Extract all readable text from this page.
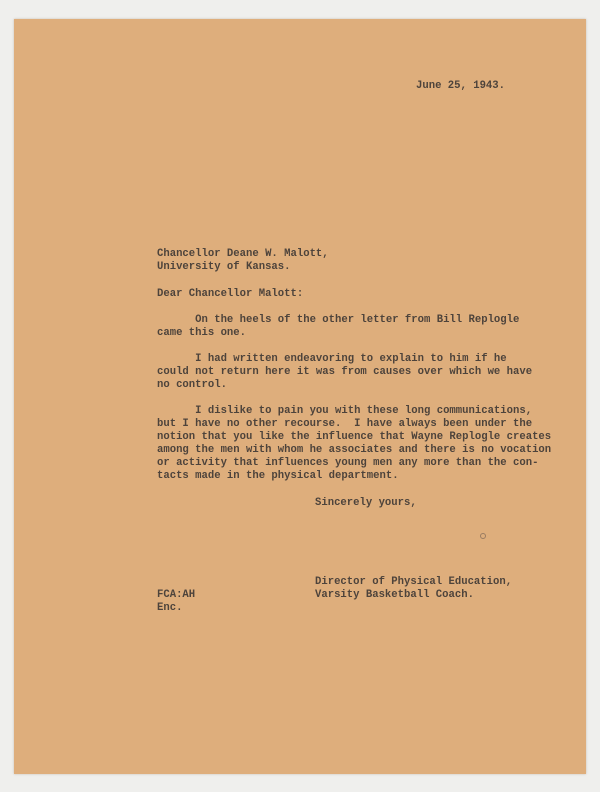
June 25, 1943.

Chancellor Deane W. Malott,

University of Kansas.

Dear Chancellor Malott:

On the heels of the other letter from Bill Replogle

came this one.

I had written endeavoring to explain to him if he

could not return here it was from causes over which we have

no control.

I dislike to pain you with these long communications,

but I have no other recourse.  I have always been under the

notion that you like the influence that Wayne Replogle creates

among the men with whom he associates and there is no vocation

or activity that influences young men any more than the con-

tacts made in the physical department.

Sincerely yours,

Director of Physical Education,

Varsity Basketball Coach.

FCA:AH

Enc.
